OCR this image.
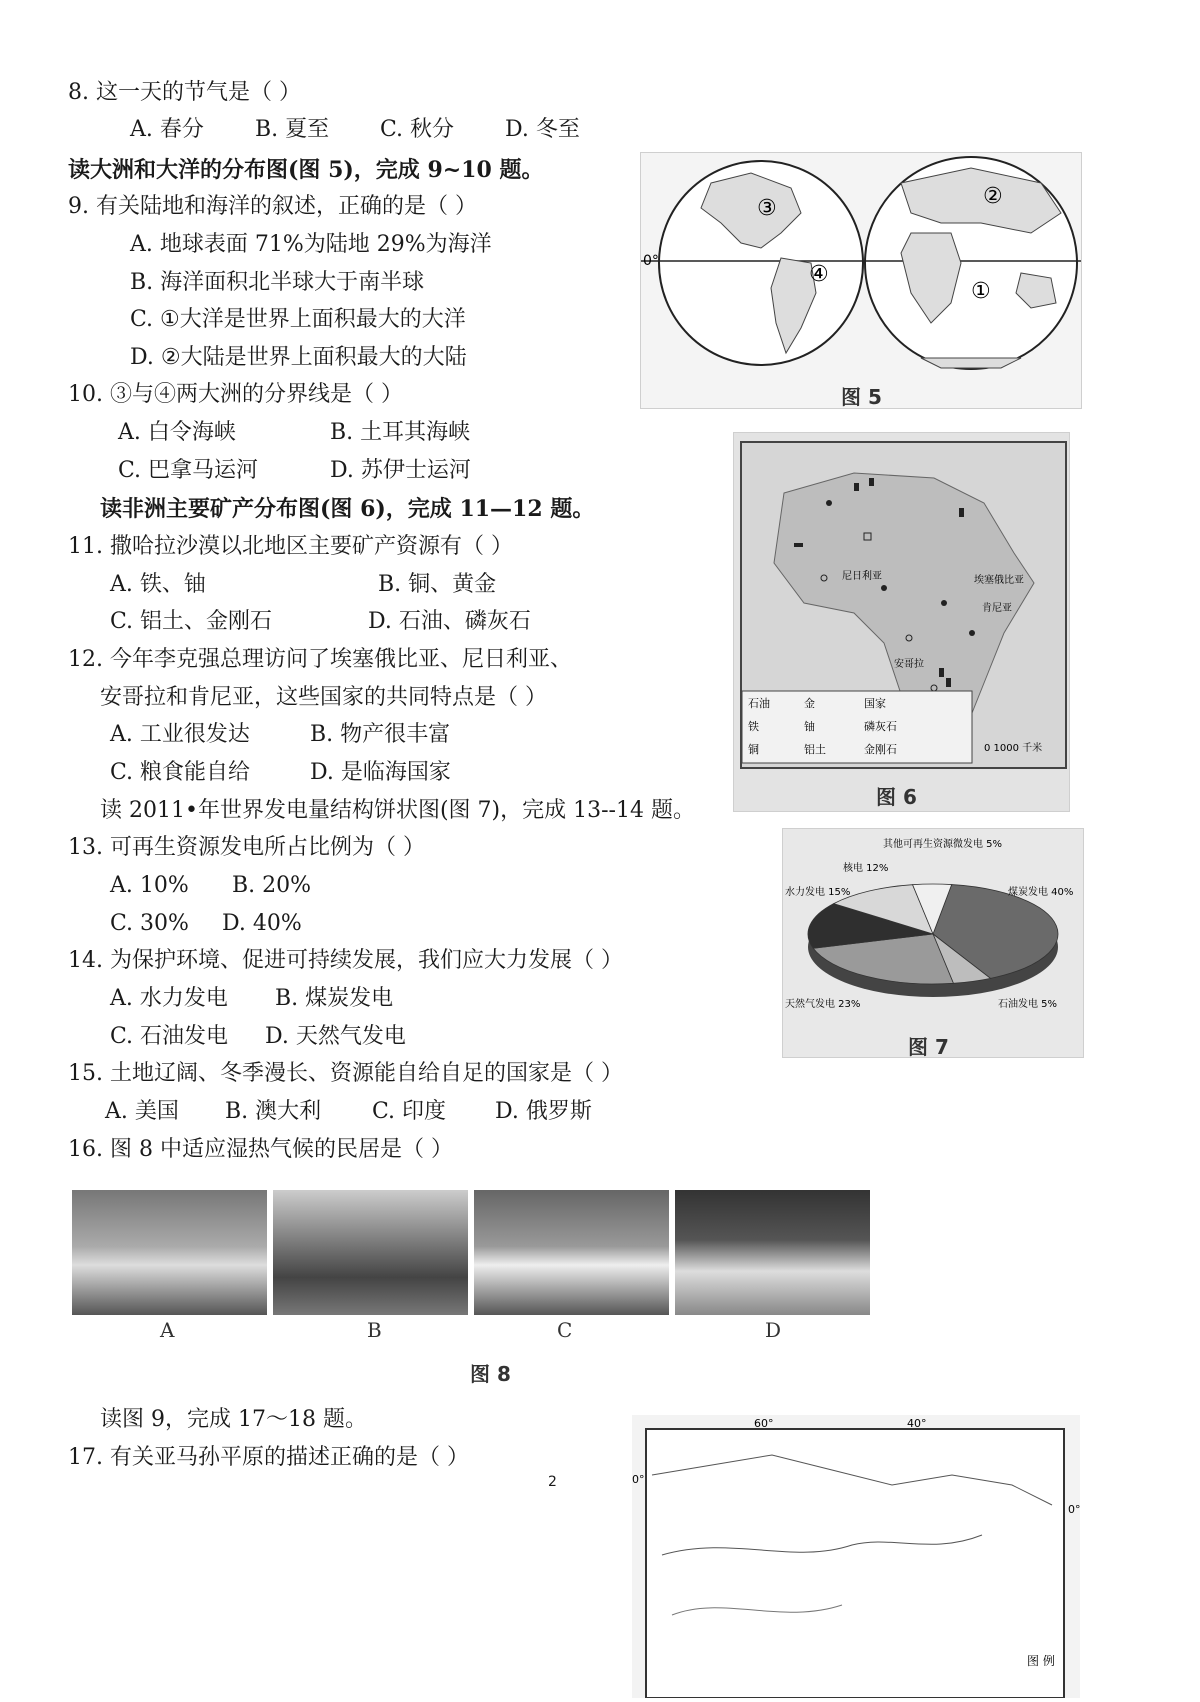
8. 这一天的节气是（ ）
A. 春分 B. 夏至 C. 秋分 D. 冬至
读大洲和大洋的分布图(图 5)，完成 9~10 题。
9. 有关陆地和海洋的叙述，正确的是（ ）
A. 地球表面 71%为陆地 29%为海洋
B. 海洋面积北半球大于南半球
C. ①大洋是世界上面积最大的大洋
D. ②大陆是世界上面积最大的大陆
10. ③与④两大洲的分界线是（ ）
A. 白令海峡	B. 土耳其海峡
C. 巴拿马运河	D. 苏伊士运河
读非洲主要矿产分布图(图 6)，完成 11—12 题。
11. 撒哈拉沙漠以北地区主要矿产资源有（ ）
A. 铁、铀	B. 铜、黄金
C. 铝土、金刚石	D. 石油、磷灰石
12. 今年李克强总理访问了埃塞俄比亚、尼日利亚、
安哥拉和肯尼亚，这些国家的共同特点是（ ）
A. 工业很发达	B. 物产很丰富
C. 粮食能自给	D. 是临海国家
读 2011•年世界发电量结构饼状图(图 7)，完成 13--14 题。
13. 可再生资源发电所占比例为（ ）
A. 10% B. 20%
C. 30% D. 40%
14. 为保护环境、促进可持续发展，我们应大力发展（ ）
A. 水力发电 B. 煤炭发电
C. 石油发电 D. 天然气发电
15. 土地辽阔、冬季漫长、资源能自给自足的国家是（ ）
A. 美国 B. 澳大利 C. 印度 D. 俄罗斯
16. 图 8 中适应湿热气候的民居是（ ）
0°
③	②
④
①
图 5
尼日利亚	埃塞俄比亚
肯尼亚
安哥拉
石油	金	国家
铁	铀	磷灰石
铜	铝土	金刚石	0 1000 千米
图 6
其他可再生资源微发电 5%
核电 12%
水力发电 15%	煤炭发电 40%
天然气发电 23%	石油发电 5%
图 7
A	B	C	D
图 8
读图 9，完成 17～18 题。
17. 有关亚马孙平原的描述正确的是（ ）
60°	40°
0°
0°
图 例
2
